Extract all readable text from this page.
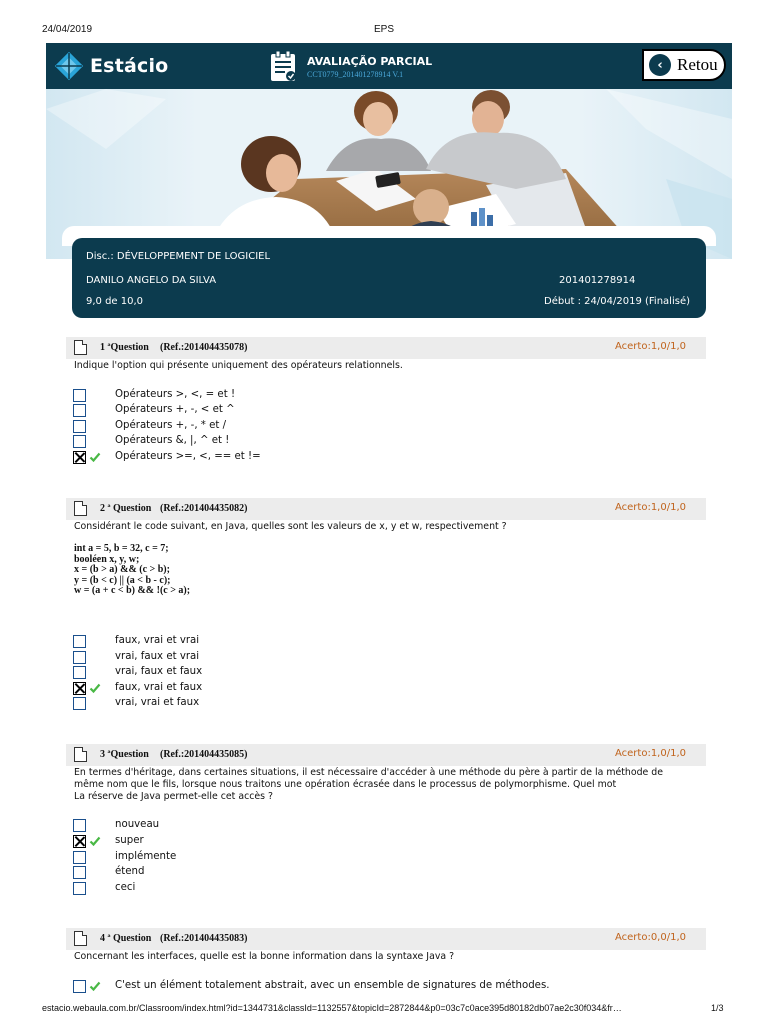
24/04/2019	EPS
Estácio	AVALIAÇÃO PARCIAL
CCT0779_201401278914 V.1
‹ Retou
Disc.: DÉVELOPPEMENT DE LOGICIEL
DANILO ANGELO DA SILVA	201401278914
9,0 de 10,0	Début : 24/04/2019 (Finalisé)
1 ªQuestion (Ref.:201404435078)	Acerto:1,0/1,0
Indique l'option qui présente uniquement des opérateurs relationnels.
Opérateurs >, <, = et !
Opérateurs +, -, < et ^
Opérateurs +, -, * et /
Opérateurs &, |, ^ et !
Opérateurs >=, <, == et !=
2 ª Question (Ref.:201404435082)	Acerto:1,0/1,0
Considérant le code suivant, en Java, quelles sont les valeurs de x, y et w, respectivement ?
int a = 5, b = 32, c = 7;
booléen x, y, w;
x = (b > a) && (c > b);
y = (b < c) || (a < b - c);
w = (a + c < b) && !(c > a);
faux, vrai et vrai
vrai, faux et vrai
vrai, faux et faux
faux, vrai et faux
vrai, vrai et faux
3 ªQuestion (Ref.:201404435085)	Acerto:1,0/1,0
En termes d'héritage, dans certaines situations, il est nécessaire d'accéder à une méthode du père à partir de la méthode de
même nom que le fils, lorsque nous traitons une opération écrasée dans le processus de polymorphisme. Quel mot
La réserve de Java permet-elle cet accès ?
nouveau
super
implémente
étend
ceci
4 ª Question (Ref.:201404435083)	Acerto:0,0/1,0
Concernant les interfaces, quelle est la bonne information dans la syntaxe Java ?
C'est un élément totalement abstrait, avec un ensemble de signatures de méthodes.
estacio.webaula.com.br/Classroom/index.html?id=1344731&classId=1132557&topicId=2872844&p0=03c7c0ace395d80182db07ae2c30f034&fr…	1/3
